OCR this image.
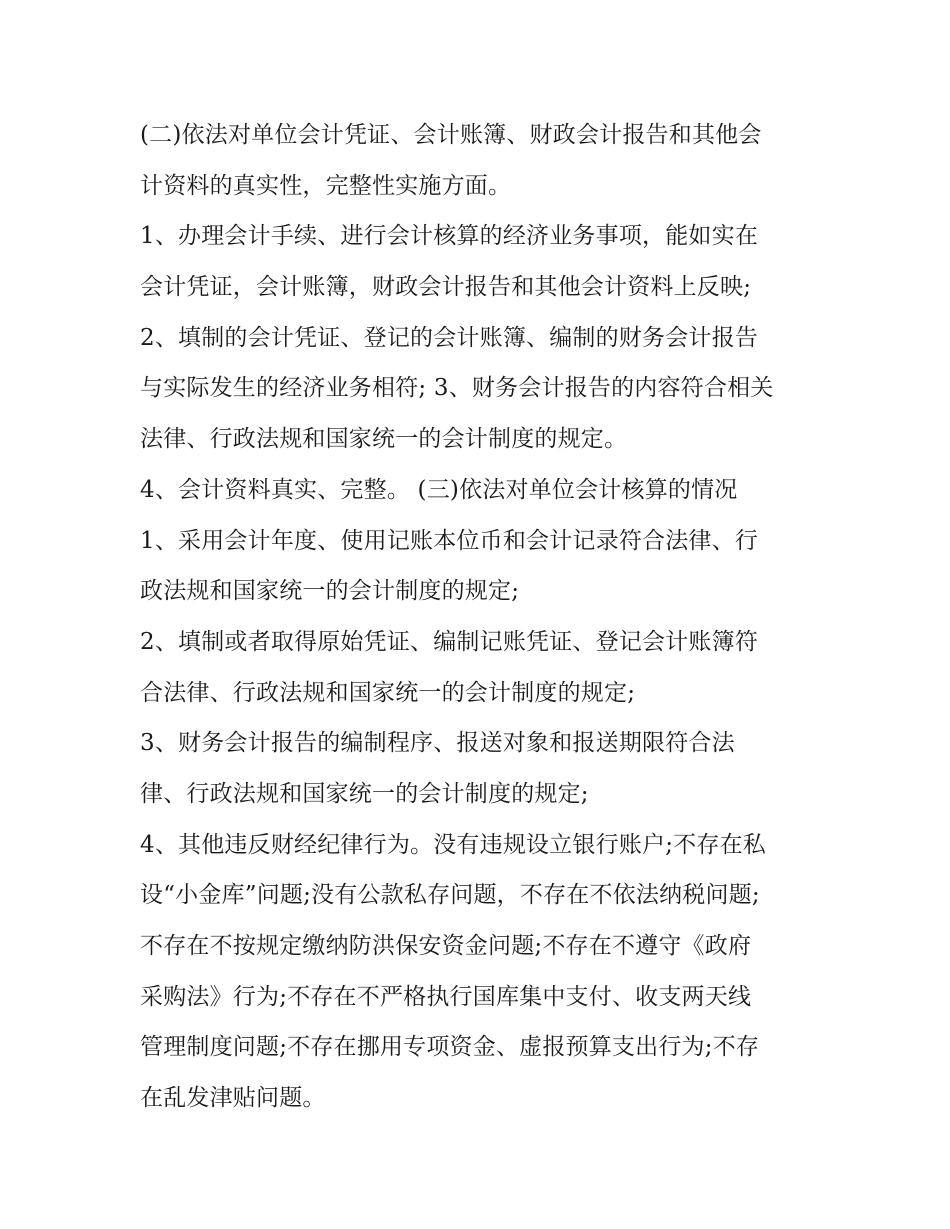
(二)依法对单位会计凭证、会计账簿、财政会计报告和其他会
计资料的真实性，完整性实施方面。
1、办理会计手续、进行会计核算的经济业务事项，能如实在
会计凭证，会计账簿，财政会计报告和其他会计资料上反映;
2、填制的会计凭证、登记的会计账簿、编制的财务会计报告
与实际发生的经济业务相符; 3、财务会计报告的内容符合相关
法律、行政法规和国家统一的会计制度的规定。
4、会计资料真实、完整。 (三)依法对单位会计核算的情况
1、采用会计年度、使用记账本位币和会计记录符合法律、行
政法规和国家统一的会计制度的规定;
2、填制或者取得原始凭证、编制记账凭证、登记会计账簿符
合法律、行政法规和国家统一的会计制度的规定;
3、财务会计报告的编制程序、报送对象和报送期限符合法
律、行政法规和国家统一的会计制度的规定;
4、其他违反财经纪律行为。没有违规设立银行账户;不存在私
设“小金库”问题;没有公款私存问题，不存在不依法纳税问题;
不存在不按规定缴纳防洪保安资金问题;不存在不遵守《政府
采购法》行为;不存在不严格执行国库集中支付、收支两天线
管理制度问题;不存在挪用专项资金、虚报预算支出行为;不存
在乱发津贴问题。
